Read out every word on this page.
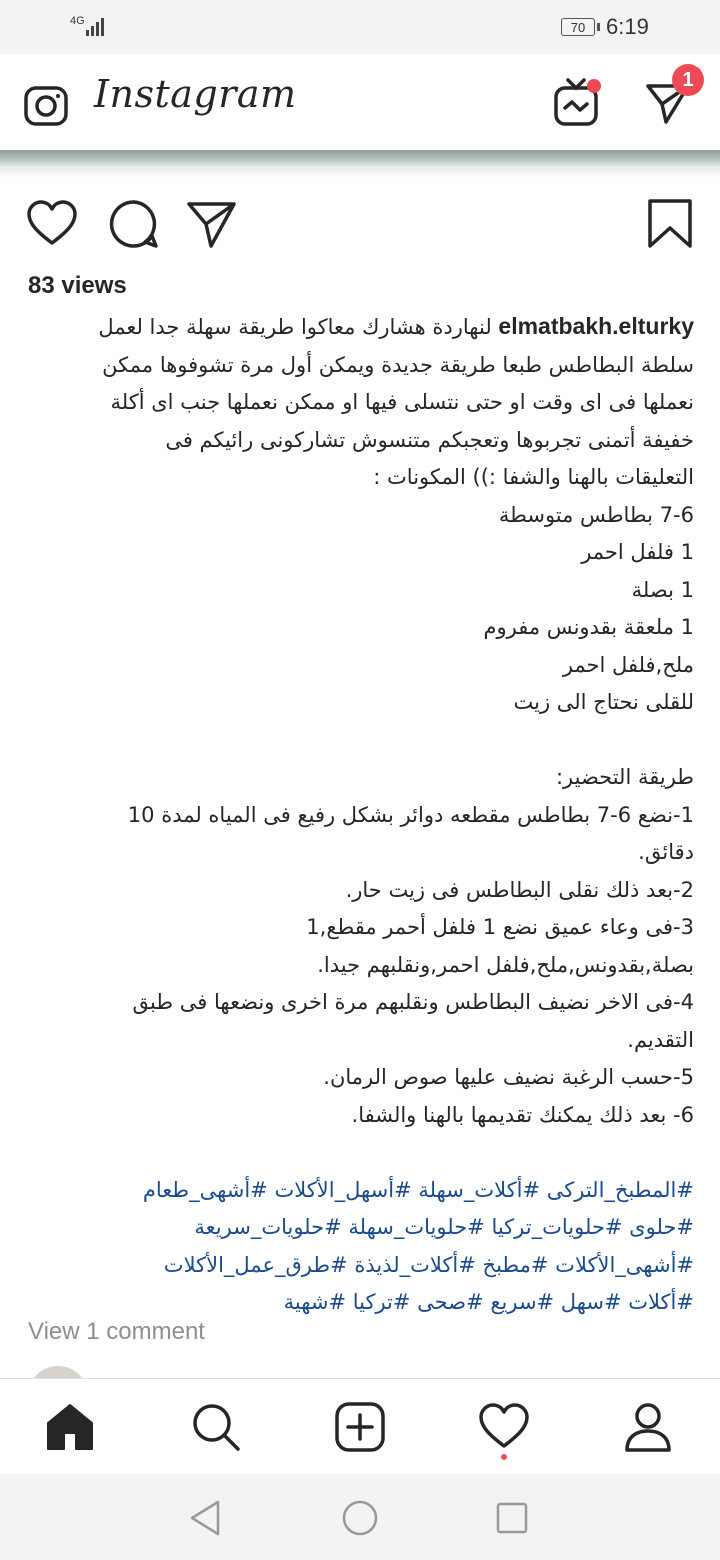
4G	70 6:19
Instagram	1
83 views

elmatbakh.elturky لنهاردة هشارك معاكوا طريقة سهلة جدا لعمل

سلطة البطاطس طبعا طريقة جديدة ويمكن أول مرة تشوفوها ممكن

نعملها فى اى وقت او حتى نتسلى فيها او ممكن نعملها جنب اى أكلة

خفيفة أتمنى تجربوها وتعجبكم متنسوش تشاركونى رائيكم فى

التعليقات بالهنا والشفا :)) المكونات :

7-6 بطاطس متوسطة

1 فلفل احمر

1 بصلة

1 ملعقة بقدونس مفروم

ملح,فلفل احمر

للقلى نحتاج الى زيت

طريقة التحضير:

1-نضع 6-7 بطاطس مقطعه دوائر بشكل رفيع فى المياه لمدة 10

دقائق.

2-بعد ذلك نقلى البطاطس فى زيت حار.

3-فى وعاء عميق نضع 1 فلفل أحمر مقطع,1

بصلة,بقدونس,ملح,فلفل احمر,ونقلبهم جيدا.

4-فى الاخر نضيف البطاطس ونقلبهم مرة اخرى ونضعها فى طبق

التقديم.

5-حسب الرغبة نضيف عليها صوص الرمان.

6- بعد ذلك يمكنك تقديمها بالهنا والشفا.

#المطبخ_التركى #أكلات_سهلة #أسهل_الأكلات #أشهى_طعام

#حلوى #حلويات_تركيا #حلويات_سهلة #حلويات_سريعة

#أشهى_الأكلات #مطبخ #أكلات_لذيذة #طرق_عمل_الأكلات

#أكلات #سهل #سريع #صحى #تركيا #شهية

View 1 comment
